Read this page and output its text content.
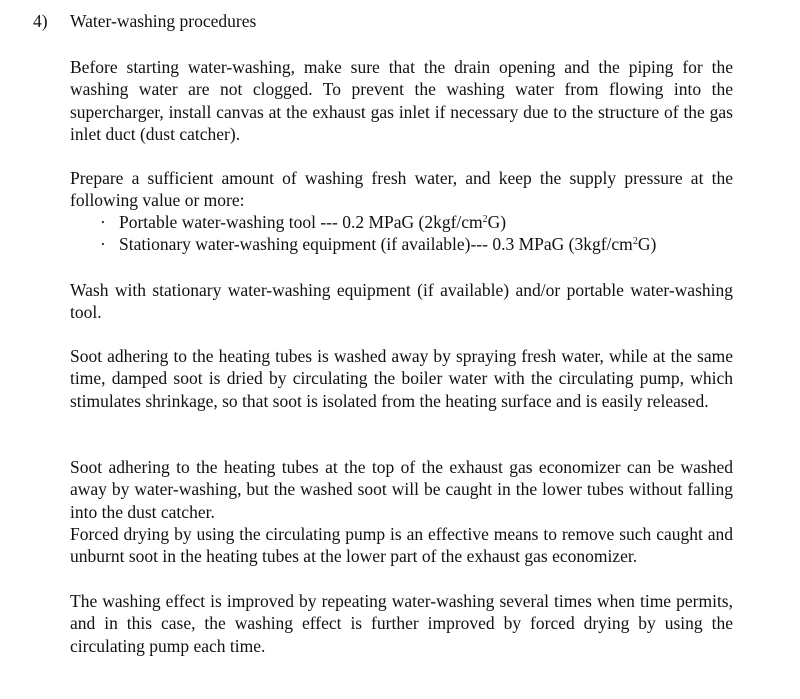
4) Water-washing procedures

Before starting water-washing, make sure that the drain opening and the piping for the washing water are not clogged. To prevent the washing water from flowing into the supercharger, install canvas at the exhaust gas inlet if necessary due to the structure of the gas inlet duct (dust catcher).

Prepare a sufficient amount of washing fresh water, and keep the supply pressure at the following value or more:

· Portable water-washing tool --- 0.2 MPaG $(2kgf/cm^2G)$
· Stationary water-washing equipment (if available)--- 0.3 MPaG $(3kgf/cm^2G)$

Wash with stationary water-washing equipment (if available) and/or portable water-washing tool.

Soot adhering to the heating tubes is washed away by spraying fresh water, while at the same time, damped soot is dried by circulating the boiler water with the circulating pump, which stimulates shrinkage, so that soot is isolated from the heating surface and is easily released.

Soot adhering to the heating tubes at the top of the exhaust gas economizer can be washed away by water-washing, but the washed soot will be caught in the lower tubes without falling into the dust catcher.

Forced drying by using the circulating pump is an effective means to remove such caught and unburnt soot in the heating tubes at the lower part of the exhaust gas economizer.

The washing effect is improved by repeating water-washing several times when time permits, and in this case, the washing effect is further improved by forced drying by using the circulating pump each time.
